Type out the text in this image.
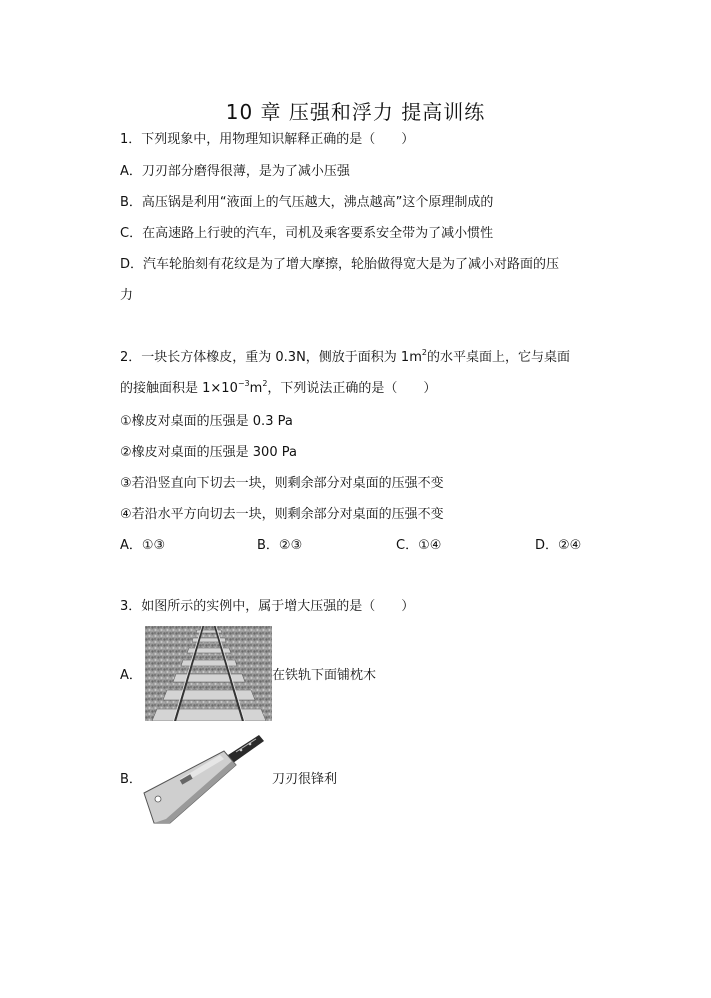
10 章 压强和浮力 提高训练
1．下列现象中，用物理知识解释正确的是（　　）
A．刀刃部分磨得很薄，是为了减小压强
B．高压锅是利用“液面上的气压越大，沸点越高”这个原理制成的
C．在高速路上行驶的汽车，司机及乘客要系安全带为了减小惯性
D．汽车轮胎刻有花纹是为了增大摩擦，轮胎做得宽大是为了减小对路面的压
力
2．一块长方体橡皮，重为 0.3N，侧放于面积为 $1m^2$的水平桌面上，它与桌面
的接触面积是 $1\times 10^{-3}m^2$，下列说法正确的是（　　）
①橡皮对桌面的压强是 0.3 Pa
②橡皮对桌面的压强是 300 Pa
③若沿竖直向下切去一块，则剩余部分对桌面的压强不变
④若沿水平方向切去一块，则剩余部分对桌面的压强不变
A．①③	B．②③	C．①④	D．②④
3．如图所示的实例中，属于增大压强的是（　　）
A．	在铁轨下面铺枕木
B．	刀刃很锋利
